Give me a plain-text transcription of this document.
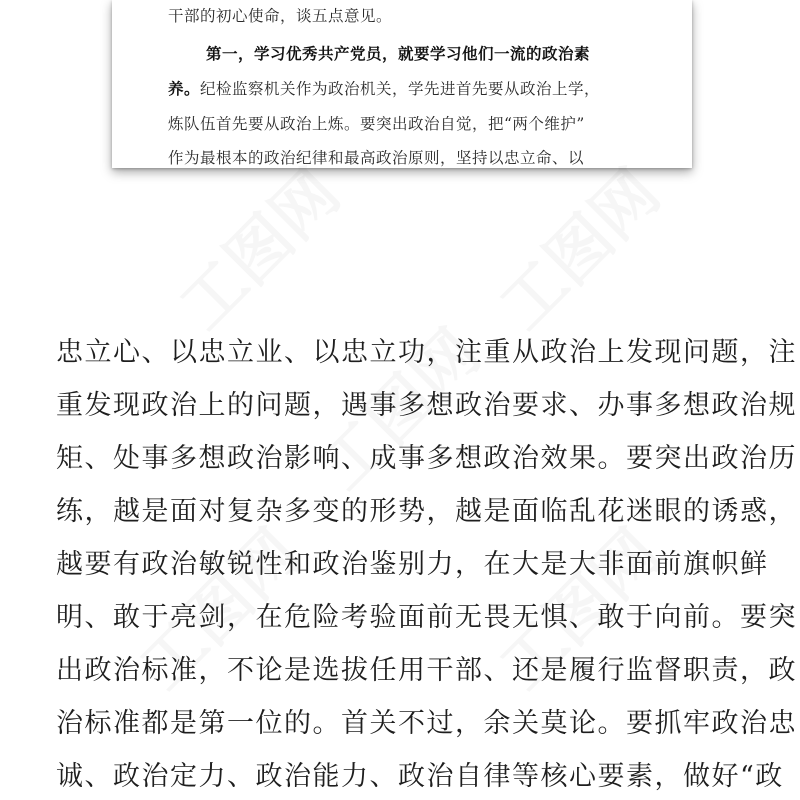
干部的初心使命，谈五点意见。
第一，学习优秀共产党员，就要学习他们一流的政治素
养。纪检监察机关作为政治机关，学先进首先要从政治上学，
炼队伍首先要从政治上炼。要突出政治自觉，把“两个维护”
作为最根本的政治纪律和最高政治原则，坚持以忠立命、以
忠立心、以忠立业、以忠立功，注重从政治上发现问题，注
重发现政治上的问题，遇事多想政治要求、办事多想政治规
矩、处事多想政治影响、成事多想政治效果。要突出政治历
练，越是面对复杂多变的形势，越是面临乱花迷眼的诱惑，
越要有政治敏锐性和政治鉴别力，在大是大非面前旗帜鲜
明、敢于亮剑，在危险考验面前无畏无惧、敢于向前。要突
出政治标准，不论是选拔任用干部、还是履行监督职责，政
治标准都是第一位的。首关不过，余关莫论。要抓牢政治忠
诚、政治定力、政治能力、政治自律等核心要素，做好“政
